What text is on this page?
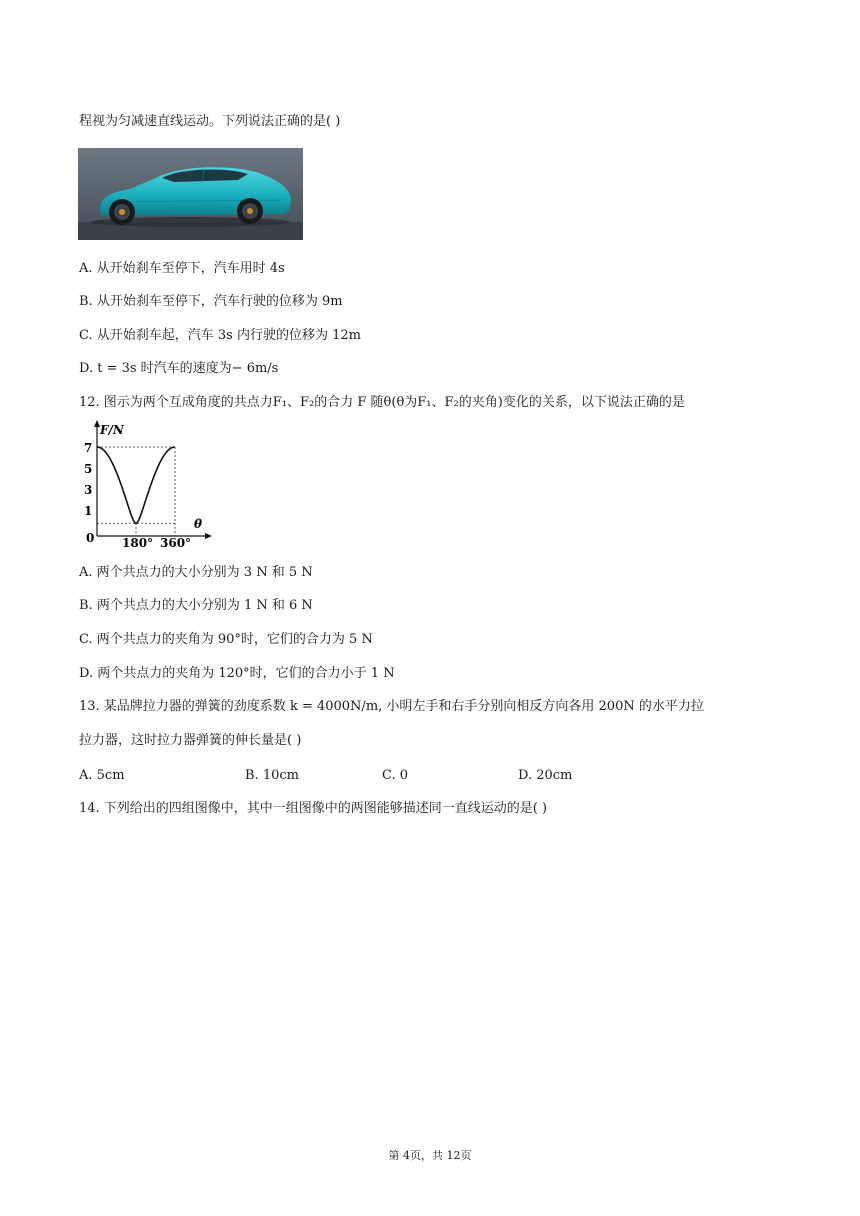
程视为匀减速直线运动。下列说法正确的是( )
A. 从开始刹车至停下，汽车用时 4s
B. 从开始刹车至停下，汽车行驶的位移为 9m
C. 从开始刹车起，汽车 3s 内行驶的位移为 12m
D. t = 3s 时汽车的速度为− 6m/s
12. 图示为两个互成角度的共点力F₁、F₂的合力 F 随θ(θ为F₁、F₂的夹角)变化的关系，以下说法正确的是
F/N
θ
0
7
5
3
1
180° 360°
A. 两个共点力的大小分别为 3 N 和 5 N
B. 两个共点力的大小分别为 1 N 和 6 N
C. 两个共点力的夹角为 90°时，它们的合力为 5 N
D. 两个共点力的夹角为 120°时，它们的合力小于 1 N
13. 某品牌拉力器的弹簧的劲度系数 k = 4000N/m, 小明左手和右手分别向相反方向各用 200N 的水平力拉
拉力器，这时拉力器弹簧的伸长量是( )
A. 5cm	B. 10cm	C. 0	D. 20cm
14. 下列给出的四组图像中，其中一组图像中的两图能够描述同一直线运动的是( )
第 4页，共 12页
